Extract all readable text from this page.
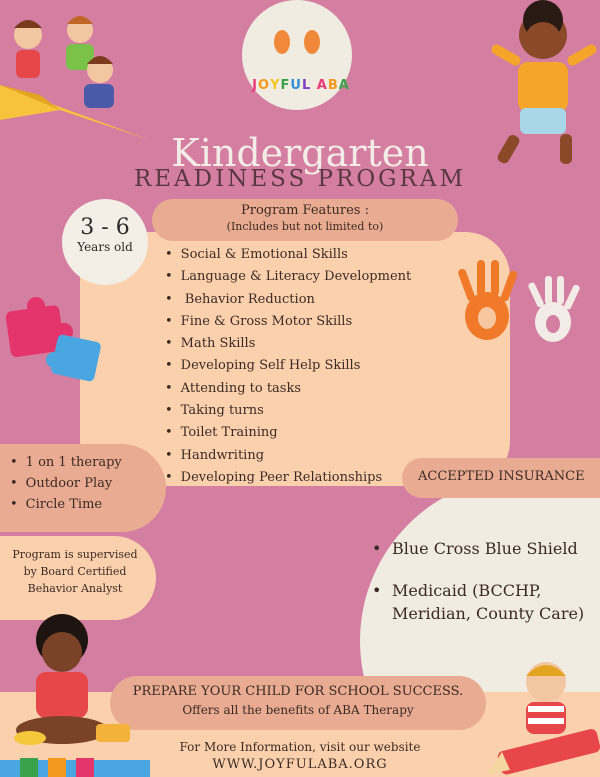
JOYFUL ABA
Kindergarten
READINESS PROGRAM
Program Features :
(Includes but not limited to)
• Social & Emotional Skills
• Language & Literacy Development
• Behavior Reduction
• Fine & Gross Motor Skills
• Math Skills
• Developing Self Help Skills
• Attending to tasks
• Taking turns
• Toilet Training
• Handwriting
• Developing Peer Relationships
3 - 6
Years old
• 1 on 1 therapy
• Outdoor Play
• Circle Time
Program is supervised
by Board Certified
Behavior Analyst
ACCEPTED INSURANCE
• Blue Cross Blue Shield
• Medicaid (BCCHP, Meridian, County Care)
PREPARE YOUR CHILD FOR SCHOOL SUCCESS.
Offers all the benefits of ABA Therapy
For More Information, visit our website
WWW.JOYFULABA.ORG
